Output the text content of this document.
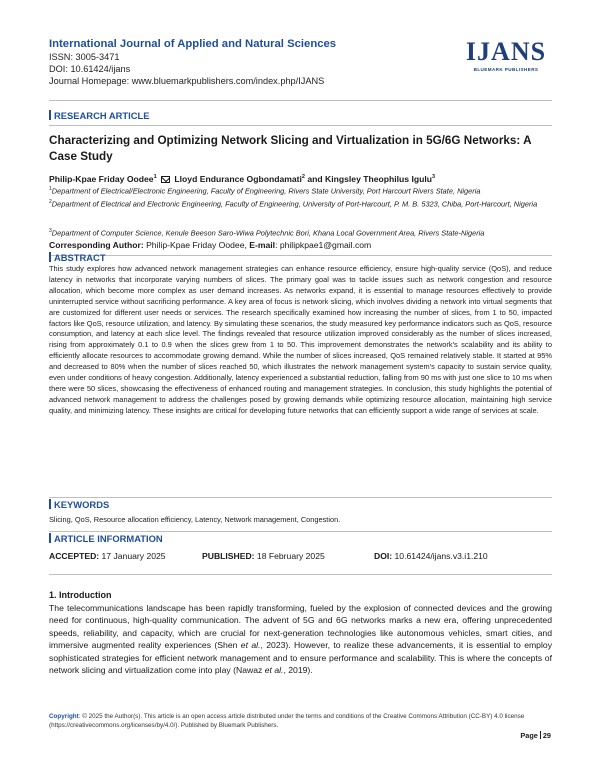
International Journal of Applied and Natural Sciences
ISSN: 3005-3471
DOI: 10.61424/ijans
Journal Homepage: www.bluemarkpublishers.com/index.php/IJANS
IJANS
BLUEMARK PUBLISHERS
RESEARCH ARTICLE
Characterizing and Optimizing Network Slicing and Virtualization in 5G/6G Networks: A Case Study
Philip-Kpae Friday Oodee$^1$ Lloyd Endurance Ogbondamati$^2$ and Kingsley Theophilus Igulu$^3$
$^1$Department of Electrical/Electronic Engineering, Faculty of Engineering, Rivers State University, Port Harcourt Rivers State, Nigeria
$^2$Department of Electrical and Electronic Engineering, Faculty of Engineering, University of Port-Harcourt, P. M. B. 5323, Chiba, Port-Harcourt, Nigeria
$^3$Department of Computer Science, Kenule Beeson Saro-Wiwa Polytechnic Bori, Khana Local Government Area, Rivers State-Nigeria
Corresponding Author: Philip-Kpae Friday Oodee, E-mail: philipkpae1@gmail.com
ABSTRACT
This study explores how advanced network management strategies can enhance resource efficiency, ensure high-quality service (QoS), and reduce latency in networks that incorporate varying numbers of slices. The primary goal was to tackle issues such as network congestion and resource allocation, which become more complex as user demand increases. As networks expand, it is essential to manage resources effectively to provide uninterrupted service without sacrificing performance. A key area of focus is network slicing, which involves dividing a network into virtual segments that are customized for different user needs or services. The research specifically examined how increasing the number of slices, from 1 to 50, impacted factors like QoS, resource utilization, and latency. By simulating these scenarios, the study measured key performance indicators such as QoS, resource consumption, and latency at each slice level. The findings revealed that resource utilization improved considerably as the number of slices increased, rising from approximately 0.1 to 0.9 when the slices grew from 1 to 50. This improvement demonstrates the network's scalability and its ability to efficiently allocate resources to accommodate growing demand. While the number of slices increased, QoS remained relatively stable. It started at 95% and decreased to 80% when the number of slices reached 50, which illustrates the network management system's capacity to sustain service quality, even under conditions of heavy congestion. Additionally, latency experienced a substantial reduction, falling from 90 ms with just one slice to 10 ms when there were 50 slices, showcasing the effectiveness of enhanced routing and management strategies. In conclusion, this study highlights the potential of advanced network management to address the challenges posed by growing demands while optimizing resource allocation, maintaining high service quality, and minimizing latency. These insights are critical for developing future networks that can efficiently support a wide range of services at scale.
KEYWORDS
Slicing, QoS, Resource allocation efficiency, Latency, Network management, Congestion.
ARTICLE INFORMATION
ACCEPTED: 17 January 2025	PUBLISHED: 18 February 2025	DOI: 10.61424/ijans.v3.i1.210
1. Introduction
The telecommunications landscape has been rapidly transforming, fueled by the explosion of connected devices and the growing need for continuous, high-quality communication. The advent of 5G and 6G networks marks a new era, offering unprecedented speeds, reliability, and capacity, which are crucial for next-generation technologies like autonomous vehicles, smart cities, and immersive augmented reality experiences (Shen et al., 2023). However, to realize these advancements, it is essential to employ sophisticated strategies for efficient network management and to ensure performance and scalability. This is where the concepts of network slicing and virtualization come into play (Nawaz et al., 2019).
Copyright: © 2025 the Author(s). This article is an open access article distributed under the terms and conditions of the Creative Commons Attribution (CC-BY) 4.0 license (https://creativecommons.org/licenses/by/4.0/). Published by Bluemark Publishers.
Page 29
